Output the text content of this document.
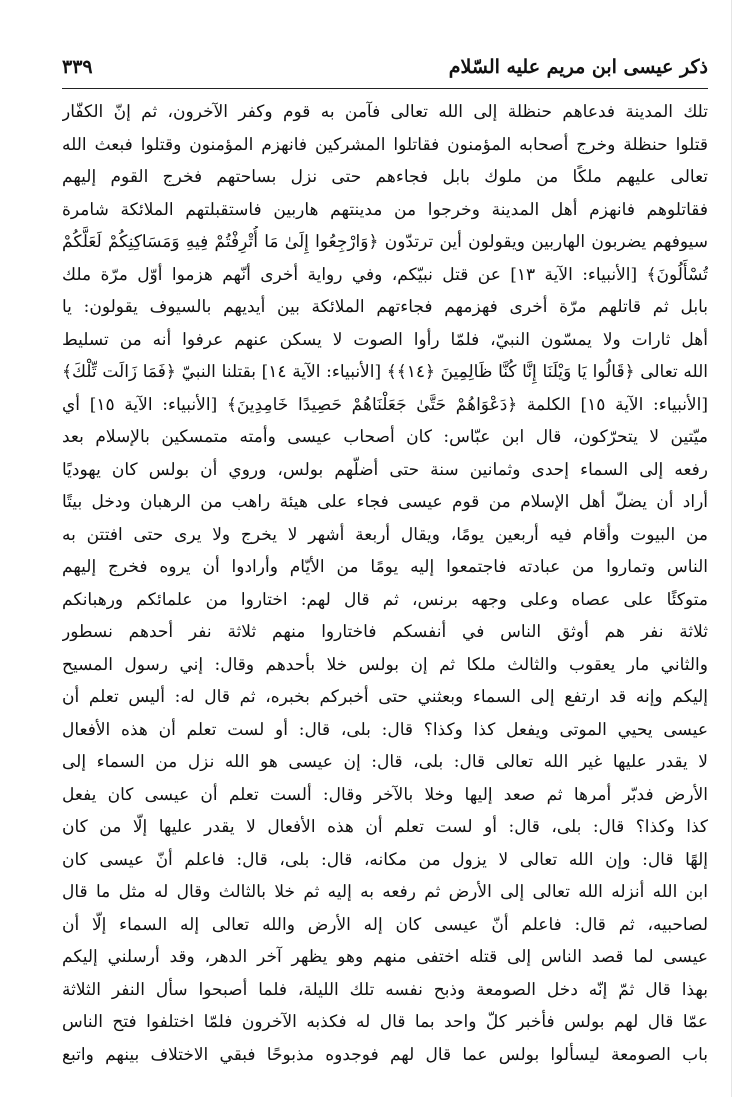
ذكر عيسى ابن مريم عليه السّلام
٣٣٩
تلك المدينة فدعاهم حنظلة إلى الله تعالى فآمن به قوم وكفر الآخرون، ثم إنّ الكفّار
قتلوا حنظلة وخرج أصحابه المؤمنون فقاتلوا المشركين فانهزم المؤمنون وقتلوا فبعث الله
تعالى عليهم ملكًا من ملوك بابل فجاءهم حتى نزل بساحتهم فخرج القوم إليهم
فقاتلوهم فانهزم أهل المدينة وخرجوا من مدينتهم هاربين فاستقبلتهم الملائكة شامرة
سيوفهم يضربون الهاربين ويقولون أين ترتدّون ﴿وَارْجِعُوا إِلَىٰ مَا أُتْرِفْتُمْ فِيهِ وَمَسَاكِنِكُمْ لَعَلَّكُمْ
تُسْأَلُونَ﴾ [الأنبياء: الآية ١٣] عن قتل نبيّكم، وفي رواية أخرى أنّهم هزموا أوّل مرّة ملك
بابل ثم قاتلهم مرّة أخرى فهزمهم فجاءتهم الملائكة بين أيديهم بالسيوف يقولون: يا
أهل ثارات ولا يمسّون النبيّ، فلمّا رأوا الصوت لا يسكن عنهم عرفوا أنه من تسليط
الله تعالى ﴿قَالُوا يَا وَيْلَنَا إِنَّا كُنَّا ظَالِمِينَ ﴿١٤﴾﴾ [الأنبياء: الآية ١٤] بقتلنا النبيّ ﴿فَمَا زَالَت تِّلْكَ﴾
[الأنبياء: الآية ١٥] الكلمة ﴿دَعْوَاهُمْ حَتَّىٰ جَعَلْنَاهُمْ حَصِيدًا خَامِدِينَ﴾ [الأنبياء: الآية ١٥] أي
ميّتين لا يتحرّكون، قال ابن عبّاس: كان أصحاب عيسى وأمته متمسكين بالإسلام بعد
رفعه إلى السماء إحدى وثمانين سنة حتى أضلّهم بولس، وروي أن بولس كان يهوديًا
أراد أن يضلّ أهل الإسلام من قوم عيسى فجاء على هيئة راهب من الرهبان ودخل بيتًا
من البيوت وأقام فيه أربعين يومًا، ويقال أربعة أشهر لا يخرج ولا يرى حتى افتتن به
الناس وتماروا من عبادته فاجتمعوا إليه يومًا من الأيّام وأرادوا أن يروه فخرج إليهم
متوكئًا على عصاه وعلى وجهه برنس، ثم قال لهم: اختاروا من علمائكم ورهبانكم
ثلاثة نفر هم أوثق الناس في أنفسكم فاختاروا منهم ثلاثة نفر أحدهم نسطور
والثاني مار يعقوب والثالث ملكا ثم إن بولس خلا بأحدهم وقال: إني رسول المسيح
إليكم وإنه قد ارتفع إلى السماء وبعثني حتى أخبركم بخبره، ثم قال له: أليس تعلم أن
عيسى يحيي الموتى ويفعل كذا وكذا؟ قال: بلى، قال: أو لست تعلم أن هذه الأفعال
لا يقدر عليها غير الله تعالى قال: بلى، قال: إن عيسى هو الله نزل من السماء إلى
الأرض فدبّر أمرها ثم صعد إليها وخلا بالآخر وقال: ألست تعلم أن عيسى كان يفعل
كذا وكذا؟ قال: بلى، قال: أو لست تعلم أن هذه الأفعال لا يقدر عليها إلّا من كان
إلهًا قال: وإن الله تعالى لا يزول من مكانه، قال: بلى، قال: فاعلم أنّ عيسى كان
ابن الله أنزله الله تعالى إلى الأرض ثم رفعه به إليه ثم خلا بالثالث وقال له مثل ما قال
لصاحبيه، ثم قال: فاعلم أنّ عيسى كان إله الأرض والله تعالى إله السماء إلّا أن
عيسى لما قصد الناس إلى قتله اختفى منهم وهو يظهر آخر الدهر، وقد أرسلني إليكم
بهذا قال ثمّ إنّه دخل الصومعة وذبح نفسه تلك الليلة، فلما أصبحوا سأل النفر الثلاثة
عمّا قال لهم بولس فأخبر كلّ واحد بما قال له فكذبه الآخرون فلمّا اختلفوا فتح الناس
باب الصومعة ليسألوا بولس عما قال لهم فوجدوه مذبوحًا فبقي الاختلاف بينهم واتبع
